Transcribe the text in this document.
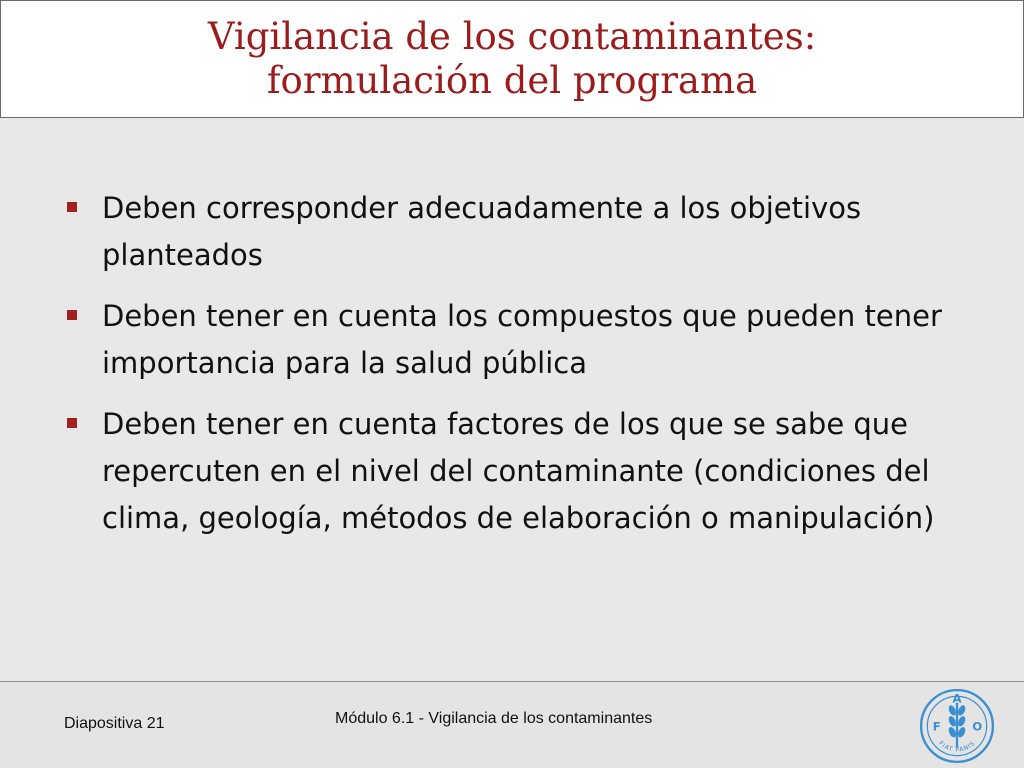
Vigilancia de los contaminantes:
formulación del programa
Deben corresponder adecuadamente a los objetivos planteados
Deben tener en cuenta los compuestos que pueden tener importancia para la salud pública
Deben tener en cuenta factores de los que se sabe que repercuten en el nivel del contaminante (condiciones del clima, geología, métodos de elaboración o manipulación)
Diapositiva 21	Módulo 6.1 - Vigilancia de los contaminantes	F
A
O
FIAT PANIS
